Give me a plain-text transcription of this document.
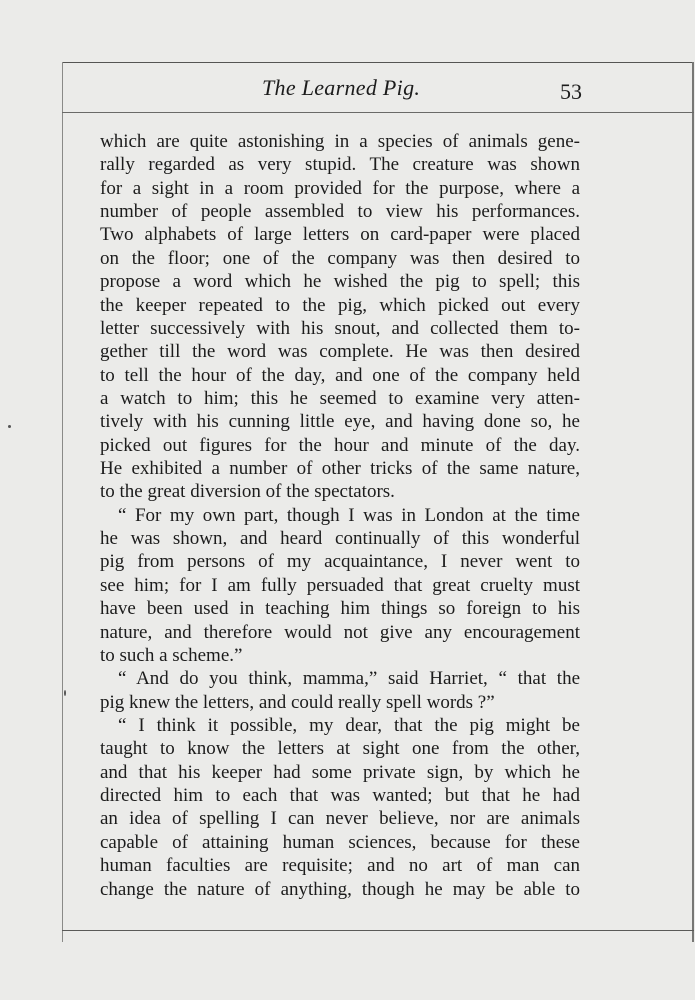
The Learned Pig.	53
which are quite astonishing in a species of animals gene-
rally regarded as very stupid. The creature was shown
for a sight in a room provided for the purpose, where a
number of people assembled to view his performances.
Two alphabets of large letters on card-paper were placed
on the floor; one of the company was then desired to
propose a word which he wished the pig to spell; this
the keeper repeated to the pig, which picked out every
letter successively with his snout, and collected them to-
gether till the word was complete. He was then desired
to tell the hour of the day, and one of the company held
a watch to him; this he seemed to examine very atten-
tively with his cunning little eye, and having done so, he
picked out figures for the hour and minute of the day.
He exhibited a number of other tricks of the same nature,
to the great diversion of the spectators.
“ For my own part, though I was in London at the time
he was shown, and heard continually of this wonderful
pig from persons of my acquaintance, I never went to
see him; for I am fully persuaded that great cruelty must
have been used in teaching him things so foreign to his
nature, and therefore would not give any encouragement
to such a scheme.”
“ And do you think, mamma,” said Harriet, “ that the
pig knew the letters, and could really spell words ?”
“ I think it possible, my dear, that the pig might be
taught to know the letters at sight one from the other,
and that his keeper had some private sign, by which he
directed him to each that was wanted; but that he had
an idea of spelling I can never believe, nor are animals
capable of attaining human sciences, because for these
human faculties are requisite; and no art of man can
change the nature of anything, though he may be able to
